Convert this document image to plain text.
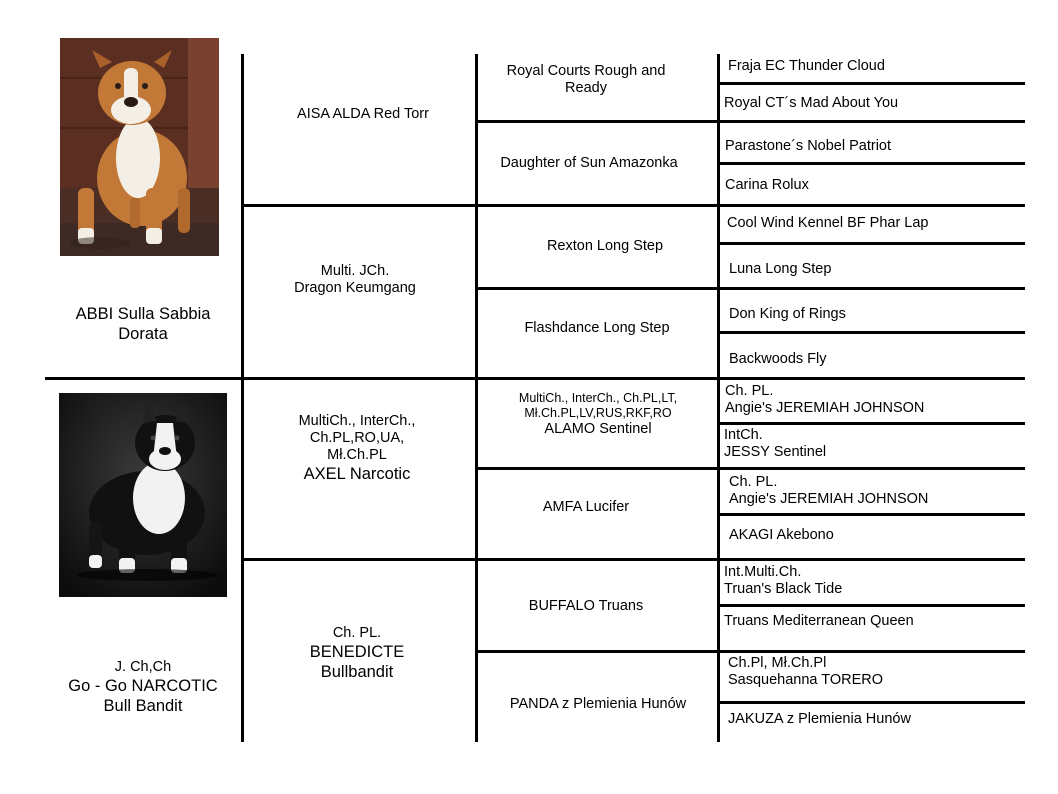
ABBI Sulla Sabbia
Dorata
J. Ch,Ch
Go - Go NARCOTIC
Bull Bandit
AISA ALDA Red Torr
Multi. JCh.
Dragon Keumgang
MultiCh., InterCh.,
Ch.PL,RO,UA,
Mł.Ch.PL
AXEL Narcotic
Ch. PL.
BENEDICTE
Bullbandit
Royal Courts Rough and
Ready
Daughter of Sun Amazonka
Rexton Long Step
Flashdance Long Step
MultiCh., InterCh., Ch.PL,LT,
Mł.Ch.PL,LV,RUS,RKF,RO
ALAMO Sentinel
AMFA Lucifer
BUFFALO Truans
PANDA z Plemienia Hunów
Fraja EC Thunder Cloud
Royal CT´s Mad About You
Parastone´s Nobel Patriot
Carina Rolux
Cool Wind Kennel BF Phar Lap
Luna Long Step
Don King of Rings
Backwoods Fly
Ch. PL.
Angie's JEREMIAH JOHNSON
IntCh.
JESSY Sentinel
Ch. PL.
Angie's JEREMIAH JOHNSON
AKAGI Akebono
Int.Multi.Ch.
Truan's Black Tide
Truans Mediterranean Queen
Ch.Pl, Mł.Ch.Pl
Sasquehanna TORERO
JAKUZA z Plemienia Hunów
